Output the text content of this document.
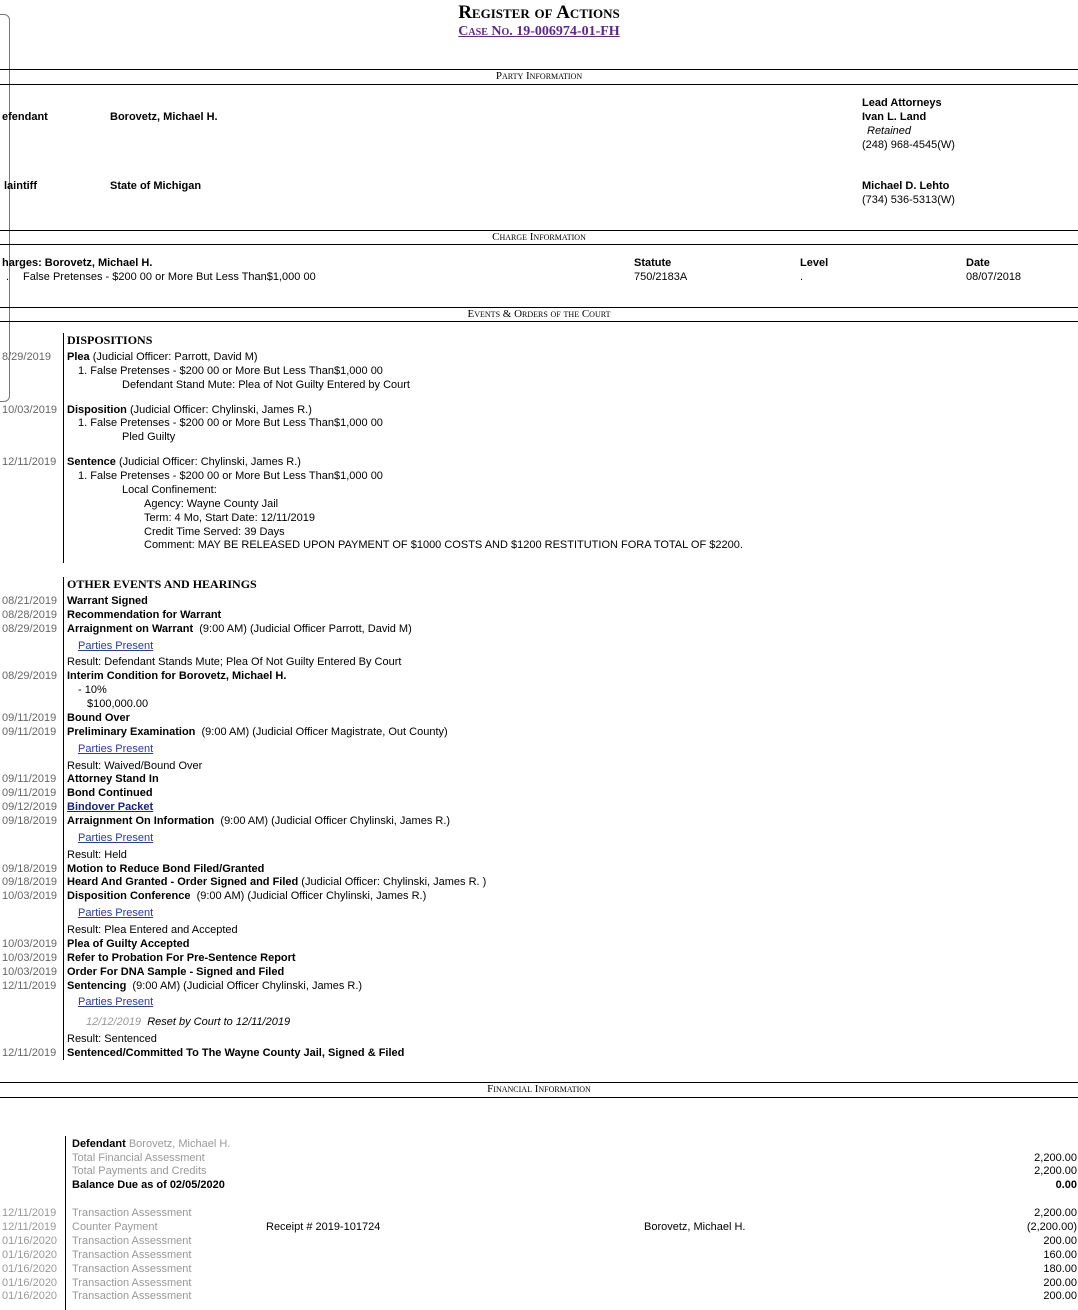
Register of Actions
Case No. 19-006974-01-FH
Party Information
Lead Attorneys
efendant	Borovetz, Michael H.	Ivan L. Land
Retained
(248) 968-4545(W)
laintiff	State of Michigan	Michael D. Lehto
(734) 536-5313(W)
Charge Information
harges: Borovetz, Michael H.	Statute	Level	Date
. False Pretenses - $200 00 or More But Less Than$1,000 00	750/2183A	.	08/07/2018
Events & Orders of the Court
DISPOSITIONS
8/29/2019 Plea (Judicial Officer: Parrott, David M)
1. False Pretenses - $200 00 or More But Less Than$1,000 00
Defendant Stand Mute: Plea of Not Guilty Entered by Court
10/03/2019 Disposition (Judicial Officer: Chylinski, James R.)
1. False Pretenses - $200 00 or More But Less Than$1,000 00
Pled Guilty
12/11/2019 Sentence (Judicial Officer: Chylinski, James R.)
1. False Pretenses - $200 00 or More But Less Than$1,000 00
Local Confinement:
Agency: Wayne County Jail
Term: 4 Mo, Start Date: 12/11/2019
Credit Time Served: 39 Days
Comment: MAY BE RELEASED UPON PAYMENT OF $1000 COSTS AND $1200 RESTITUTION FORA TOTAL OF $2200.
OTHER EVENTS AND HEARINGS
08/21/2019 Warrant Signed
08/28/2019 Recommendation for Warrant
08/29/2019 Arraignment on Warrant (9:00 AM) (Judicial Officer Parrott, David M)
Parties Present
Result: Defendant Stands Mute; Plea Of Not Guilty Entered By Court
08/29/2019 Interim Condition for Borovetz, Michael H.
- 10%
$100,000.00
09/11/2019 Bound Over
09/11/2019 Preliminary Examination (9:00 AM) (Judicial Officer Magistrate, Out County)
Parties Present
Result: Waived/Bound Over
09/11/2019 Attorney Stand In
09/11/2019 Bond Continued
09/12/2019 Bindover Packet
09/18/2019 Arraignment On Information (9:00 AM) (Judicial Officer Chylinski, James R.)
Parties Present
Result: Held
09/18/2019 Motion to Reduce Bond Filed/Granted
09/18/2019 Heard And Granted - Order Signed and Filed (Judicial Officer: Chylinski, James R. )
10/03/2019 Disposition Conference (9:00 AM) (Judicial Officer Chylinski, James R.)
Parties Present
Result: Plea Entered and Accepted
10/03/2019 Plea of Guilty Accepted
10/03/2019 Refer to Probation For Pre-Sentence Report
10/03/2019 Order For DNA Sample - Signed and Filed
12/11/2019 Sentencing (9:00 AM) (Judicial Officer Chylinski, James R.)
Parties Present
12/12/2019 Reset by Court to 12/11/2019
Result: Sentenced
12/11/2019 Sentenced/Committed To The Wayne County Jail, Signed & Filed
Financial Information
Defendant Borovetz, Michael H.
Total Financial Assessment	2,200.00
Total Payments and Credits	2,200.00
Balance Due as of 02/05/2020	0.00
12/11/2019 Transaction Assessment	2,200.00
12/11/2019 Counter Payment	Receipt # 2019-101724	Borovetz, Michael H.	(2,200.00)
01/16/2020 Transaction Assessment	200.00
01/16/2020 Transaction Assessment	160.00
01/16/2020 Transaction Assessment	180.00
01/16/2020 Transaction Assessment	200.00
01/16/2020 Transaction Assessment	200.00
